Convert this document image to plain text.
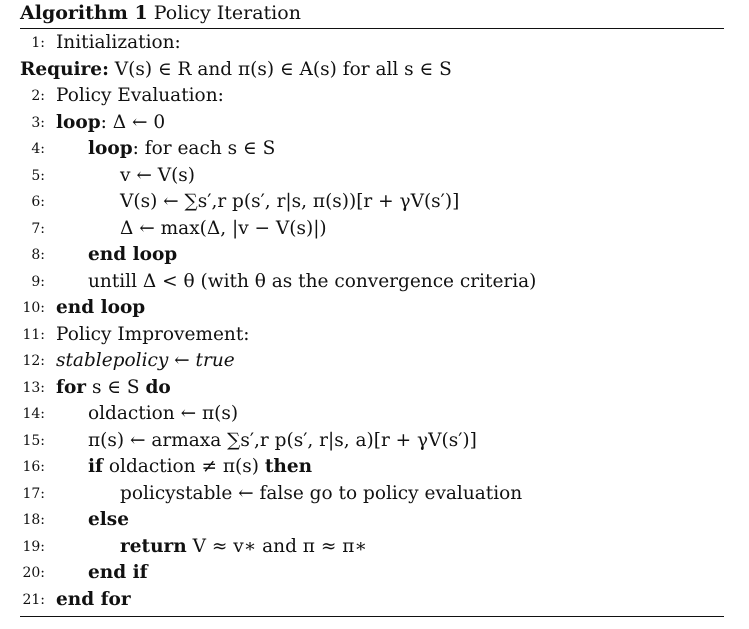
Algorithm 1 Policy Iteration
1: Initialization:
Require: V(s) ∈ R and π(s) ∈ A(s) for all s ∈ S
2: Policy Evaluation:
3: loop: Δ ← 0
4: loop: for each s ∈ S
5:	v ← V(s)
6:	V(s) ← ∑s′,r p(s′, r|s, π(s))[r + γV(s′)]
7:	Δ ← max(Δ, |v − V(s)|)
8: end loop
9: untill Δ < θ (with θ as the convergence criteria)
10: end loop
11: Policy Improvement:
12: stablepolicy ← true
13: for s ∈ S do
14: oldaction ← π(s)
15: π(s) ← armaxa ∑s′,r p(s′, r|s, a)[r + γV(s′)]
16: if oldaction ≠ π(s) then
17:	policystable ← false go to policy evaluation
18: else
19:	return V ≈ v∗ and π ≈ π∗
20: end if
21: end for
